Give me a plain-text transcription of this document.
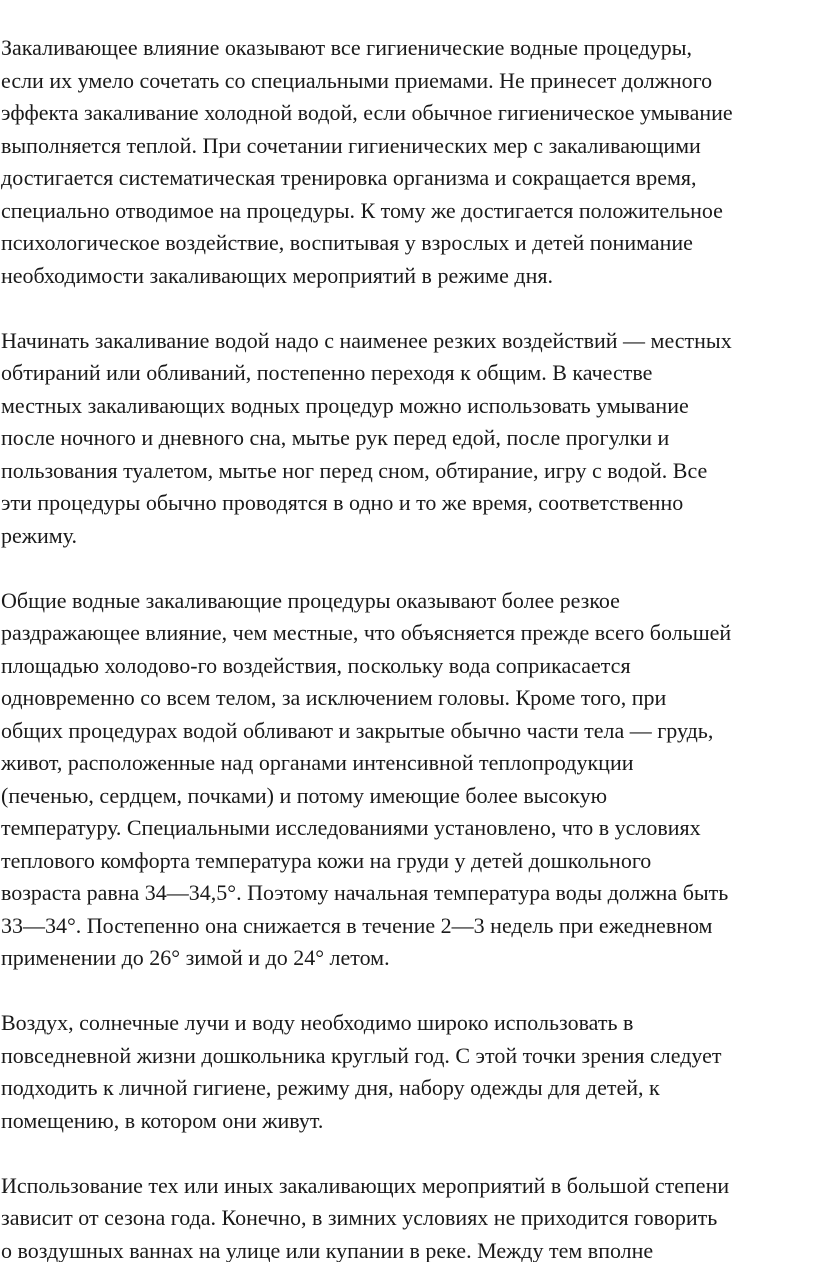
Закаливающее влияние оказывают все гигиенические водные процедуры,
если их умело сочетать со специальными приемами. Не принесет должного
эффекта закаливание холодной водой, если обычное гигиеническое умывание
выполняется теплой. При сочетании гигиенических мер с закаливающими
достигается систематическая тренировка организма и сокращается время,
специально отводимое на процедуры. К тому же достигается положительное
психологическое воздействие, воспитывая у взрослых и детей понимание
необходимости закаливающих мероприятий в режиме дня.
Начинать закаливание водой надо с наименее резких воздействий — местных
обтираний или обливаний, постепенно переходя к общим. В качестве
местных закаливающих водных процедур можно использовать умывание
после ночного и дневного сна, мытье рук перед едой, после прогулки и
пользования туалетом, мытье ног перед сном, обтирание, игру с водой. Все
эти процедуры обычно проводятся в одно и то же время, соответственно
режиму.
Общие водные закаливающие процедуры оказывают более резкое
раздражающее влияние, чем местные, что объясняется прежде всего большей
площадью холодово-го воздействия, поскольку вода соприкасается
одновременно со всем телом, за исключением головы. Кроме того, при
общих процедурах водой обливают и закрытые обычно части тела — грудь,
живот, расположенные над органами интенсивной теплопродукции
(печенью, сердцем, почками) и потому имеющие более высокую
температуру. Специальными исследованиями установлено, что в условиях
теплового комфорта температура кожи на груди у детей дошкольного
возраста равна 34—34,5°. Поэтому начальная температура воды должна быть
33—34°. Постепенно она снижается в течение 2—3 недель при ежедневном
применении до 26° зимой и до 24° летом.
Воздух, солнечные лучи и воду необходимо широко использовать в
повседневной жизни дошкольника круглый год. С этой точки зрения следует
подходить к личной гигиене, режиму дня, набору одежды для детей, к
помещению, в котором они живут.
Использование тех или иных закаливающих мероприятий в большой степени
зависит от сезона года. Конечно, в зимних условиях не приходится говорить
о воздушных ваннах на улице или купании в реке. Между тем вполне
